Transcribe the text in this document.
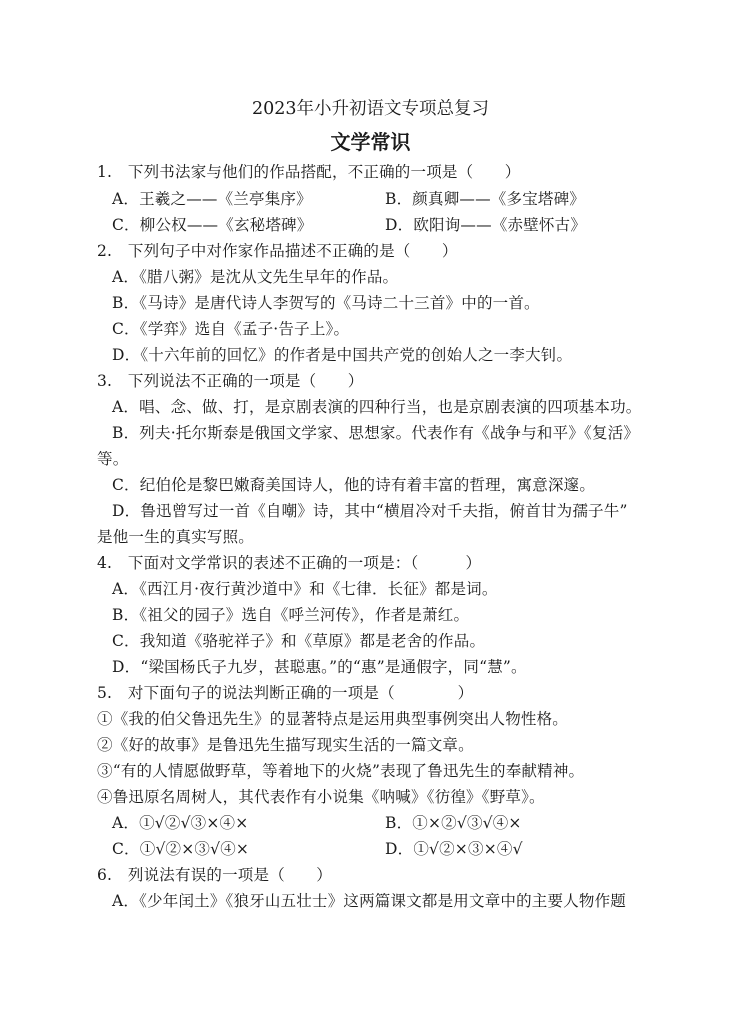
2023年小升初语文专项总复习
文学常识
1.　下列书法家与他们的作品搭配，不正确的一项是（　　）
A．王羲之——《兰亭集序》	B．颜真卿——《多宝塔碑》
C．柳公权——《玄秘塔碑》	D．欧阳询——《赤壁怀古》
2.　下列句子中对作家作品描述不正确的是（　　）
A．《腊八粥》是沈从文先生早年的作品。
B．《马诗》是唐代诗人李贺写的《马诗二十三首》中的一首。
C．《学弈》选自《孟子·告子上》。
D．《十六年前的回忆》的作者是中国共产党的创始人之一李大钊。
3.　下列说法不正确的一项是（　　）
A．唱、念、做、打，是京剧表演的四种行当，也是京剧表演的四项基本功。
B．列夫·托尔斯泰是俄国文学家、思想家。代表作有《战争与和平》《复活》
等。
C．纪伯伦是黎巴嫩裔美国诗人，他的诗有着丰富的哲理，寓意深邃。
D．鲁迅曾写过一首《自嘲》诗，其中“横眉冷对千夫指，俯首甘为孺子牛”
是他一生的真实写照。
4.　下面对文学常识的表述不正确的一项是：（　　　）
A．《西江月·夜行黄沙道中》和《七律．长征》都是词。
B．《祖父的园子》选自《呼兰河传》，作者是萧红。
C．我知道《骆驼祥子》和《草原》都是老舍的作品。
D．“梁国杨氏子九岁，甚聪惠。”的“惠”是通假字，同“慧”。
5.　对下面句子的说法判断正确的一项是（　　　　）
①《我的伯父鲁迅先生》的显著特点是运用典型事例突出人物性格。
②《好的故事》是鲁迅先生描写现实生活的一篇文章。
③“有的人情愿做野草，等着地下的火烧”表现了鲁迅先生的奉献精神。
④鲁迅原名周树人，其代表作有小说集《呐喊》《彷徨》《野草》。
A．①√②√③×④×	B．①×②√③√④×
C．①√②×③√④×	D．①√②×③×④√
6.　列说法有误的一项是（　　）
A．《少年闰土》《狼牙山五壮士》这两篇课文都是用文章中的主要人物作题
